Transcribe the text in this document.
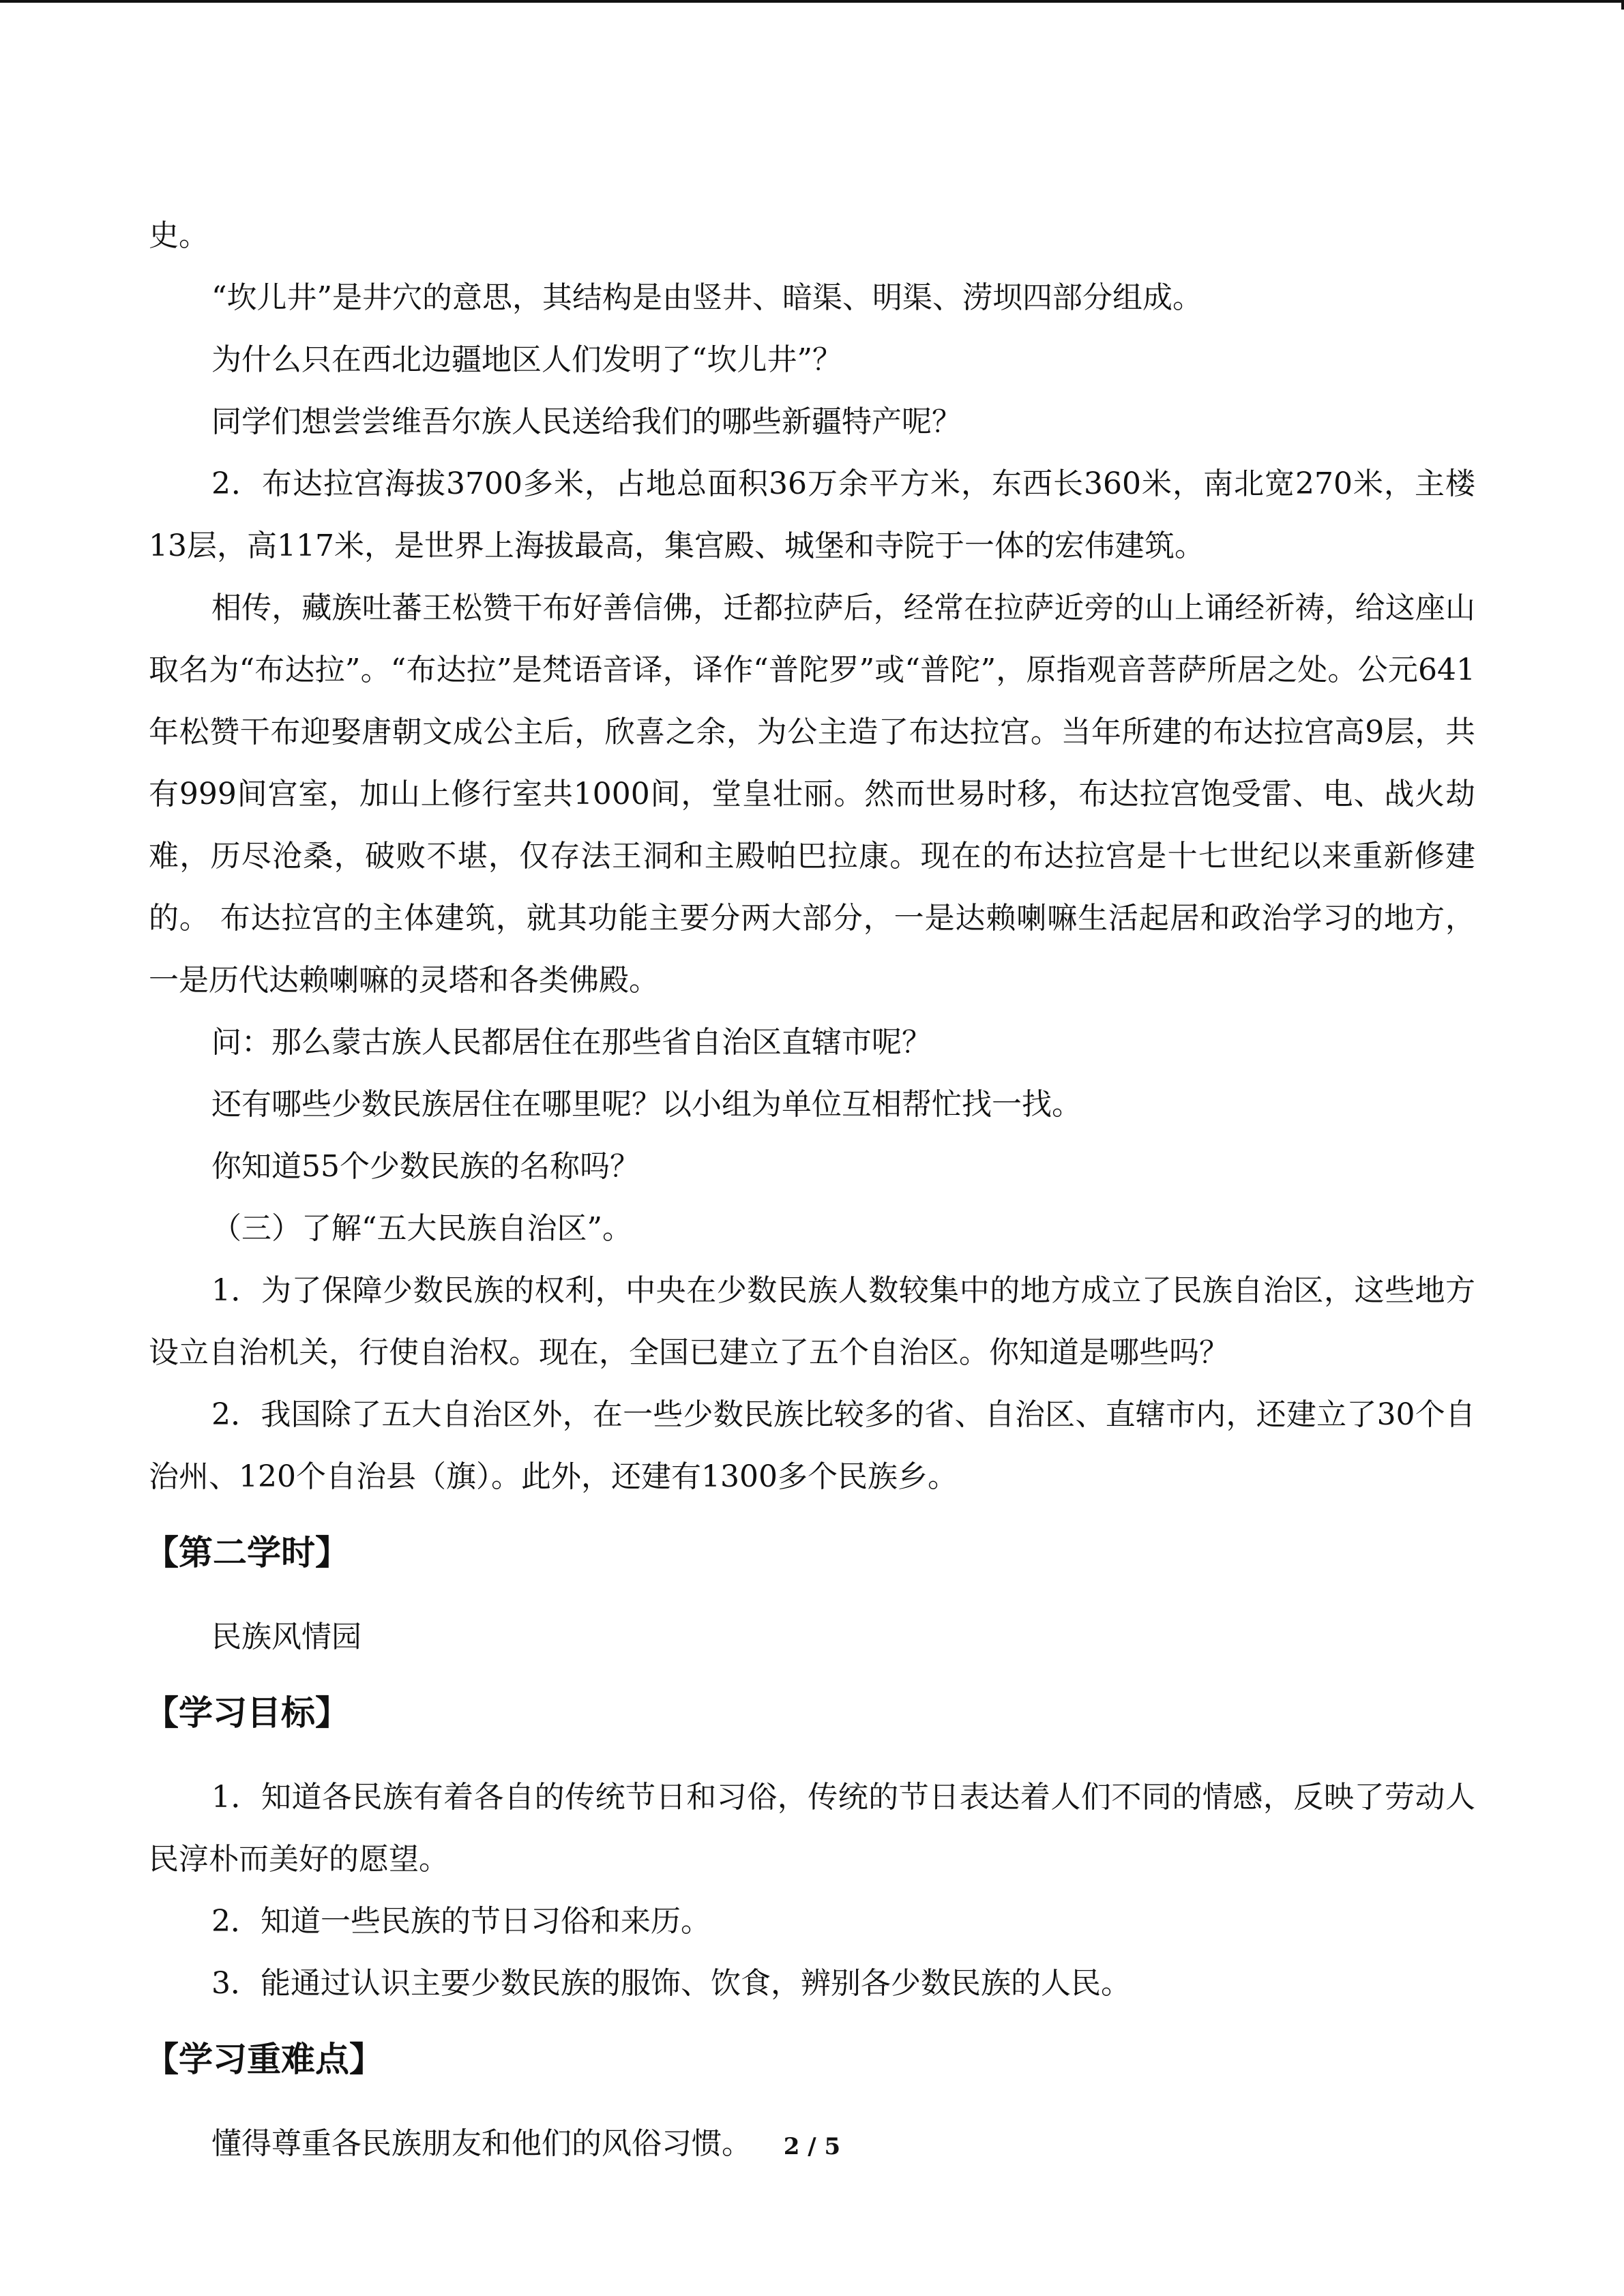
史。

“坎儿井”是井穴的意思，其结构是由竖井、暗渠、明渠、涝坝四部分组成。

为什么只在西北边疆地区人们发明了“坎儿井”？

同学们想尝尝维吾尔族人民送给我们的哪些新疆特产呢？

2．布达拉宫海拔3700多米，占地总面积36万余平方米，东西长360米，南北宽270米，主楼13层，高117米，是世界上海拔最高，集宫殿、城堡和寺院于一体的宏伟建筑。

相传，藏族吐蕃王松赞干布好善信佛，迁都拉萨后，经常在拉萨近旁的山上诵经祈祷，给这座山取名为“布达拉”。“布达拉”是梵语音译，译作“普陀罗”或“普陀”，原指观音菩萨所居之处。公元641年松赞干布迎娶唐朝文成公主后，欣喜之余，为公主造了布达拉宫。当年所建的布达拉宫高9层，共有999间宫室，加山上修行室共1000间，堂皇壮丽。然而世易时移，布达拉宫饱受雷、电、战火劫难，历尽沧桑，破败不堪，仅存法王洞和主殿帕巴拉康。现在的布达拉宫是十七世纪以来重新修建的。 布达拉宫的主体建筑，就其功能主要分两大部分，一是达赖喇嘛生活起居和政治学习的地方，一是历代达赖喇嘛的灵塔和各类佛殿。

问：那么蒙古族人民都居住在那些省自治区直辖市呢？

还有哪些少数民族居住在哪里呢？以小组为单位互相帮忙找一找。

你知道55个少数民族的名称吗？

（三）了解“五大民族自治区”。

1．为了保障少数民族的权利，中央在少数民族人数较集中的地方成立了民族自治区，这些地方设立自治机关，行使自治权。现在，全国已建立了五个自治区。你知道是哪些吗？

2．我国除了五大自治区外，在一些少数民族比较多的省、自治区、直辖市内，还建立了30个自治州、120个自治县（旗）。此外，还建有1300多个民族乡。

【第二学时】

民族风情园

【学习目标】

1．知道各民族有着各自的传统节日和习俗，传统的节日表达着人们不同的情感，反映了劳动人民淳朴而美好的愿望。

2．知道一些民族的节日习俗和来历。

3．能通过认识主要少数民族的服饰、饮食，辨别各少数民族的人民。

【学习重难点】

懂得尊重各民族朋友和他们的风俗习惯。	2 / 5
